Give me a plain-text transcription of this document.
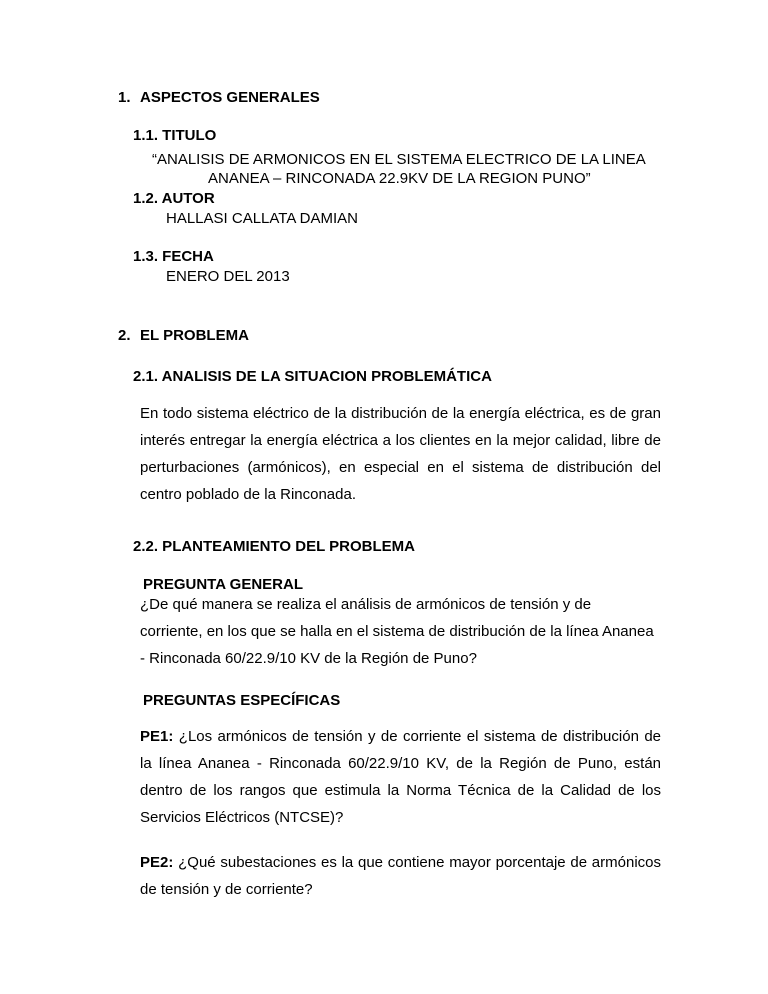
1. ASPECTOS GENERALES
1.1. TITULO
“ANALISIS DE ARMONICOS EN EL SISTEMA ELECTRICO DE LA LINEA
ANANEA – RINCONADA 22.9KV DE LA REGION PUNO”
1.2. AUTOR
HALLASI CALLATA DAMIAN
1.3. FECHA
ENERO DEL 2013
2. EL PROBLEMA
2.1. ANALISIS DE LA SITUACION PROBLEMÁTICA
En todo sistema eléctrico de la distribución de la energía eléctrica, es de gran
interés entregar la energía eléctrica a los clientes en la mejor calidad, libre de
perturbaciones (armónicos), en especial en el sistema de distribución del
centro poblado de la Rinconada.
2.2. PLANTEAMIENTO DEL PROBLEMA
PREGUNTA GENERAL
¿De qué manera se realiza el análisis de armónicos de tensión y de
corriente, en los que se halla en el sistema de distribución de la línea Ananea
- Rinconada 60/22.9/10 KV de la Región de Puno?
PREGUNTAS ESPECÍFICAS
PE1: ¿Los armónicos de tensión y de corriente el sistema de distribución de
la línea Ananea - Rinconada 60/22.9/10 KV, de la Región de Puno, están
dentro de los rangos que estimula la Norma Técnica de la Calidad de los
Servicios Eléctricos (NTCSE)?
PE2: ¿Qué subestaciones es la que contiene mayor porcentaje de armónicos
de tensión y de corriente?
